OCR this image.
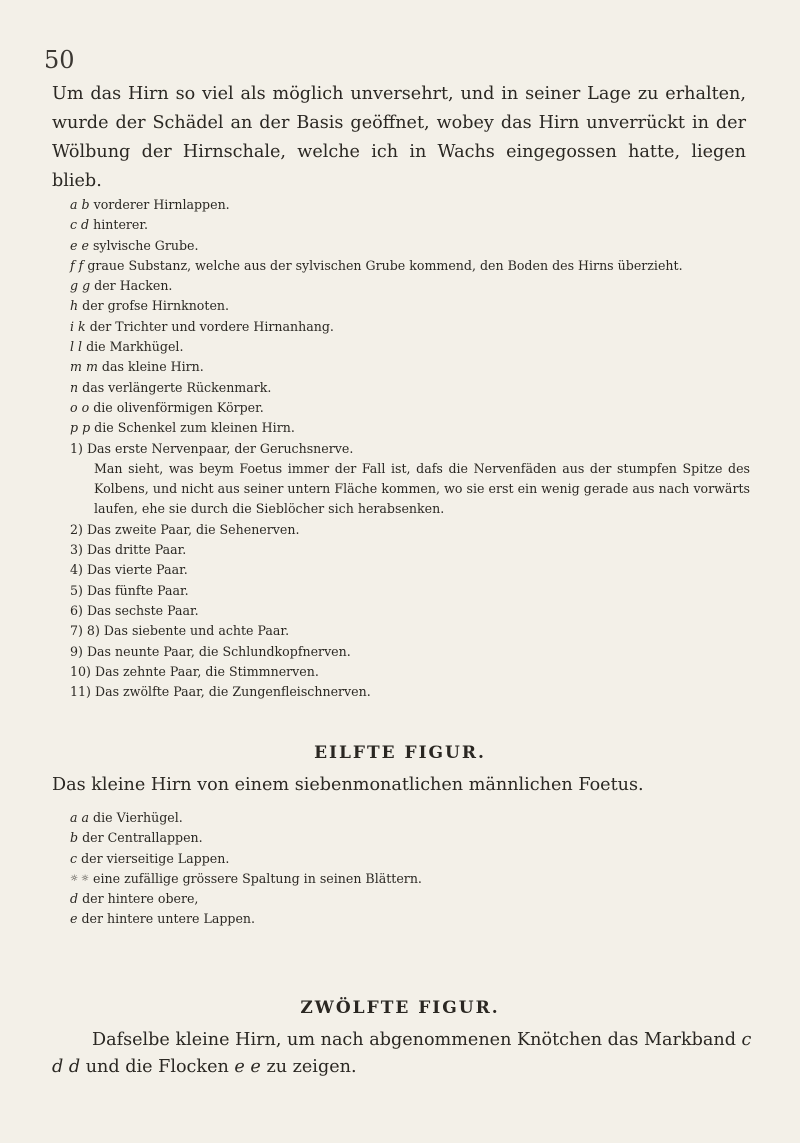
50

Um das Hirn so viel als möglich unversehrt, und in seiner Lage zu erhalten, wurde der Schädel an der Basis geöffnet, wobey das Hirn unverrückt in der Wölbung der Hirnschale, welche ich in Wachs eingegossen hatte, liegen blieb.

a b vorderer Hirnlappen.
c d hinterer.
e e sylvische Grube.
f f graue Substanz, welche aus der sylvischen Grube kommend, den Boden des Hirns überzieht.
g g der Hacken.
h der grofse Hirnknoten.
i k der Trichter und vordere Hirnanhang.
l l die Markhügel.
m m das kleine Hirn.
n das verlängerte Rückenmark.
o o die olivenförmigen Körper.
p p die Schenkel zum kleinen Hirn.
1) Das erste Nervenpaar, der Geruchsnerve.
Man sieht, was beym Foetus immer der Fall ist, dafs die Nervenfäden aus der stumpfen Spitze des Kolbens, und nicht aus seiner untern Fläche kommen, wo sie erst ein wenig gerade aus nach vorwärts laufen, ehe sie durch die Sieblöcher sich herabsenken.
2) Das zweite Paar, die Sehenerven.
3) Das dritte Paar.
4) Das vierte Paar.
5) Das fünfte Paar.
6) Das sechste Paar.
7) 8) Das siebente und achte Paar.
9) Das neunte Paar, die Schlundkopfnerven.
10) Das zehnte Paar, die Stimmnerven.
11) Das zwölfte Paar, die Zungenfleischnerven.
EILFTE FIGUR.

Das kleine Hirn von einem siebenmonatlichen männlichen Foetus.

a a die Vierhügel.
b der Centrallappen.
c der vierseitige Lappen.
☼ ☼ eine zufällige grössere Spaltung in seinen Blättern.
d der hintere obere,
e der hintere untere Lappen.
ZWÖLFTE FIGUR.

Dafselbe kleine Hirn, um nach abgenommenen Knötchen das Markband c d d und die Flocken e e zu zeigen.
